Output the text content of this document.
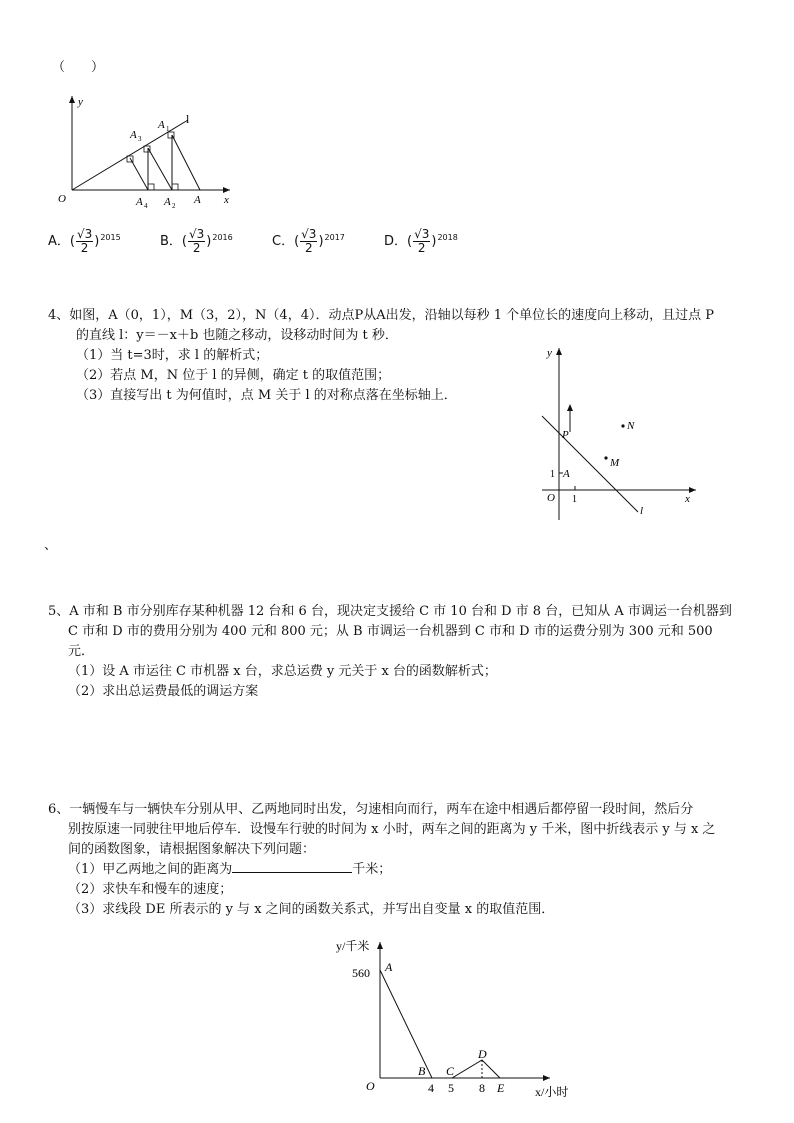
（　　）
y
x
O
l
A 3
A 1
A 4 A 2 A
A．( $\frac{√3}{2} )^{2015}$	B．( $\frac{√3}{2} )^{2016}$	C．( $\frac{√3}{2} )^{2017}$	D．( $\frac{√3}{2} )^{2018}$
4、如图，A（0，1），M（3，2），N（4，4）．动点P从A出发，沿轴以每秒 1 个单位长的速度向上移动，且过点 P
的直线 l：y＝－x＋b 也随之移动，设移动时间为 t 秒．
（1）当 t=3时，求 l 的解析式；
（2）若点 M，N 位于 l 的异侧，确定 t 的取值范围；
（3）直接写出 t 为何值时，点 M 关于 l 的对称点落在坐标轴上．
y
x
O 1
1 A
P
N
M
l
、
5、A 市和 B 市分别库存某种机器 12 台和 6 台，现决定支援给 C 市 10 台和 D 市 8 台，已知从 A 市调运一台机器到
C 市和 D 市的费用分别为 400 元和 800 元；从 B 市调运一台机器到 C 市和 D 市的运费分别为 300 元和 500
元．
（1）设 A 市运往 C 市机器 x 台，求总运费 y 元关于 x 台的函数解析式；
（2）求出总运费最低的调运方案
6、一辆慢车与一辆快车分别从甲、乙两地同时出发，匀速相向而行，两车在途中相遇后都停留一段时间，然后分
别按原速一同驶往甲地后停车．设慢车行驶的时间为 x 小时，两车之间的距离为 y 千米，图中折线表示 y 与 x 之
间的函数图象，请根据图象解决下列问题：
（1）甲乙两地之间的距离为	千米；
（2）求快车和慢车的速度；
（3）求线段 DE 所表示的 y 与 x 之间的函数关系式，并写出自变量 x 的取值范围．
y/千米
x/小时
O
560 A
B C
D
E
4 5 8
